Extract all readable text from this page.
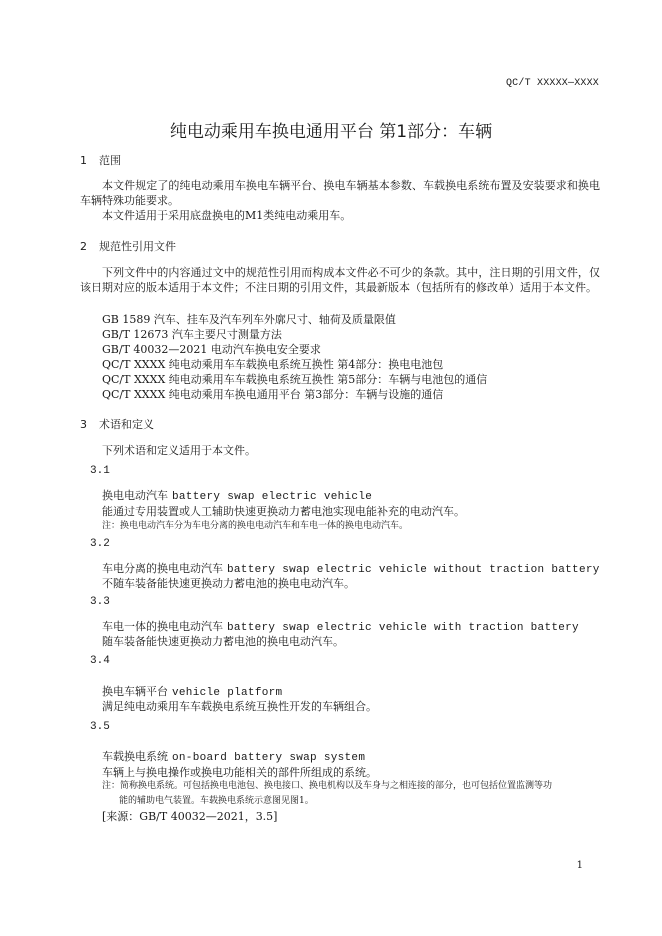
QC/T XXXXX—XXXX
纯电动乘用车换电通用平台 第1部分：车辆
1 范围
本文件规定了的纯电动乘用车换电车辆平台、换电车辆基本参数、车载换电系统布置及安装要求和换电车辆特殊功能要求。
本文件适用于采用底盘换电的M1类纯电动乘用车。
2 规范性引用文件
下列文件中的内容通过文中的规范性引用而构成本文件必不可少的条款。其中，注日期的引用文件，仅该日期对应的版本适用于本文件；不注日期的引用文件，其最新版本（包括所有的修改单）适用于本文件。
GB 1589 汽车、挂车及汽车列车外廓尺寸、轴荷及质量限值
GB/T 12673 汽车主要尺寸测量方法
GB/T 40032—2021 电动汽车换电安全要求
QC/T XXXX 纯电动乘用车车载换电系统互换性 第4部分：换电电池包
QC/T XXXX 纯电动乘用车车载换电系统互换性 第5部分：车辆与电池包的通信
QC/T XXXX 纯电动乘用车换电通用平台 第3部分：车辆与设施的通信
3 术语和定义
下列术语和定义适用于本文件。
3.1
换电电动汽车 battery swap electric vehicle
能通过专用装置或人工辅助快速更换动力蓄电池实现电能补充的电动汽车。
注：换电电动汽车分为车电分离的换电电动汽车和车电一体的换电电动汽车。
3.2
车电分离的换电电动汽车 battery swap electric vehicle without traction battery
不随车装备能快速更换动力蓄电池的换电电动汽车。
3.3
车电一体的换电电动汽车 battery swap electric vehicle with traction battery
随车装备能快速更换动力蓄电池的换电电动汽车。
3.4
换电车辆平台 vehicle platform
满足纯电动乘用车车载换电系统互换性开发的车辆组合。
3.5
车载换电系统 on-board battery swap system
车辆上与换电操作或换电功能相关的部件所组成的系统。
注：简称换电系统。可包括换电电池包、换电接口、换电机构以及车身与之相连接的部分，也可包括位置监测等功
能的辅助电气装置。车载换电系统示意图见图1。
[来源：GB/T 40032—2021，3.5]
1
